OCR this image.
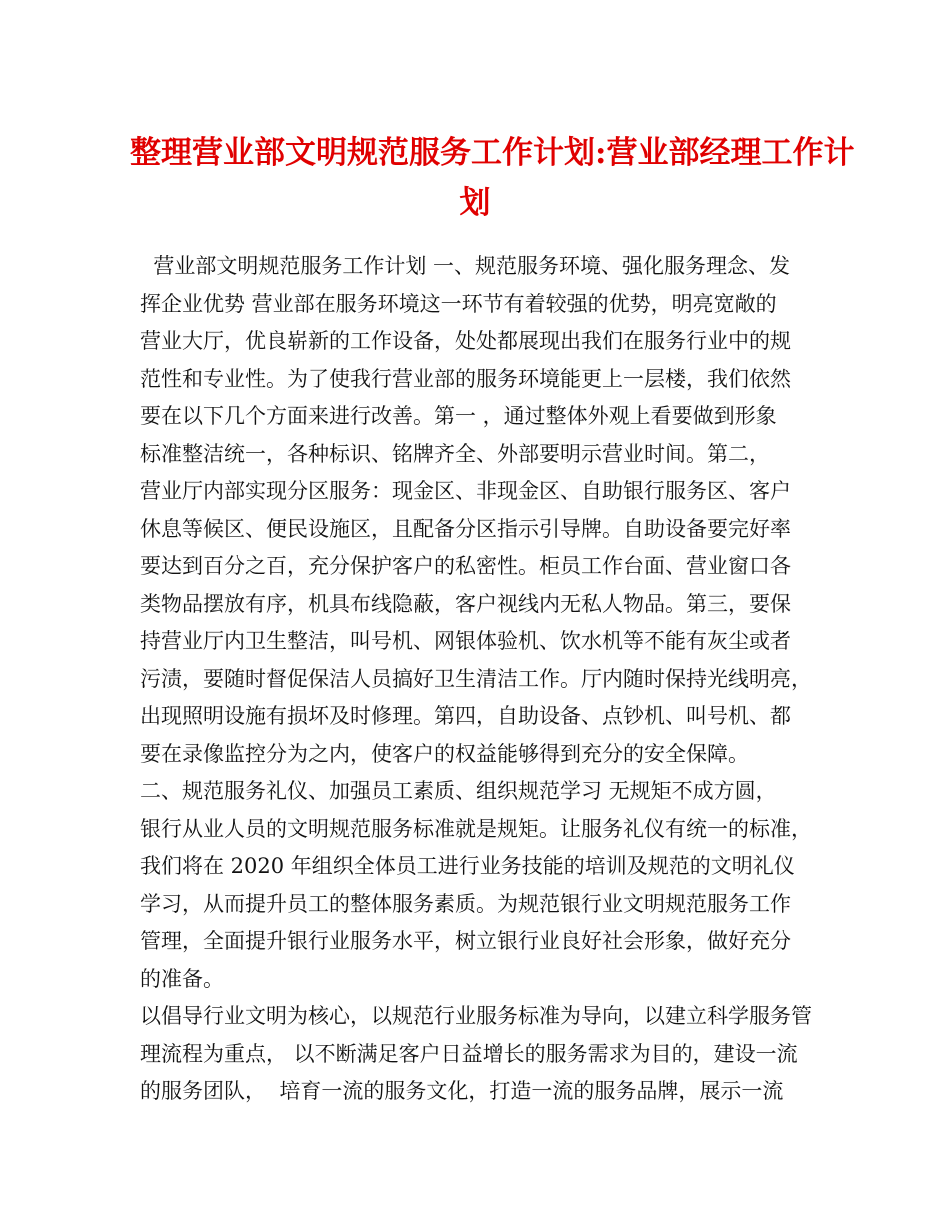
整理营业部文明规范服务工作计划:营业部经理工作计
划
营业部文明规范服务工作计划 一、规范服务环境、强化服务理念、发
挥企业优势 营业部在服务环境这一环节有着较强的优势，明亮宽敞的
营业大厅，优良崭新的工作设备，处处都展现出我们在服务行业中的规
范性和专业性。为了使我行营业部的服务环境能更上一层楼，我们依然
要在以下几个方面来进行改善。第一 ，通过整体外观上看要做到形象
标准整洁统一，各种标识、铭牌齐全、外部要明示营业时间。第二，
营业厅内部实现分区服务：现金区、非现金区、自助银行服务区、客户
休息等候区、便民设施区，且配备分区指示引导牌。自助设备要完好率
要达到百分之百，充分保护客户的私密性。柜员工作台面、营业窗口各
类物品摆放有序，机具布线隐蔽，客户视线内无私人物品。第三，要保
持营业厅内卫生整洁，叫号机、网银体验机、饮水机等不能有灰尘或者
污渍，要随时督促保洁人员搞好卫生清洁工作。厅内随时保持光线明亮，
出现照明设施有损坏及时修理。第四，自助设备、点钞机、叫号机、都
要在录像监控分为之内，使客户的权益能够得到充分的安全保障。
二、规范服务礼仪、加强员工素质、组织规范学习 无规矩不成方圆，
银行从业人员的文明规范服务标准就是规矩。让服务礼仪有统一的标准，
我们将在 2020 年组织全体员工进行业务技能的培训及规范的文明礼仪
学习，从而提升员工的整体服务素质。为规范银行业文明规范服务工作
管理，全面提升银行业服务水平，树立银行业良好社会形象，做好充分
的准备。
以倡导行业文明为核心，以规范行业服务标准为导向，以建立科学服务管
理流程为重点， 以不断满足客户日益增长的服务需求为目的，建设一流
的服务团队，  培育一流的服务文化，打造一流的服务品牌，展示一流
